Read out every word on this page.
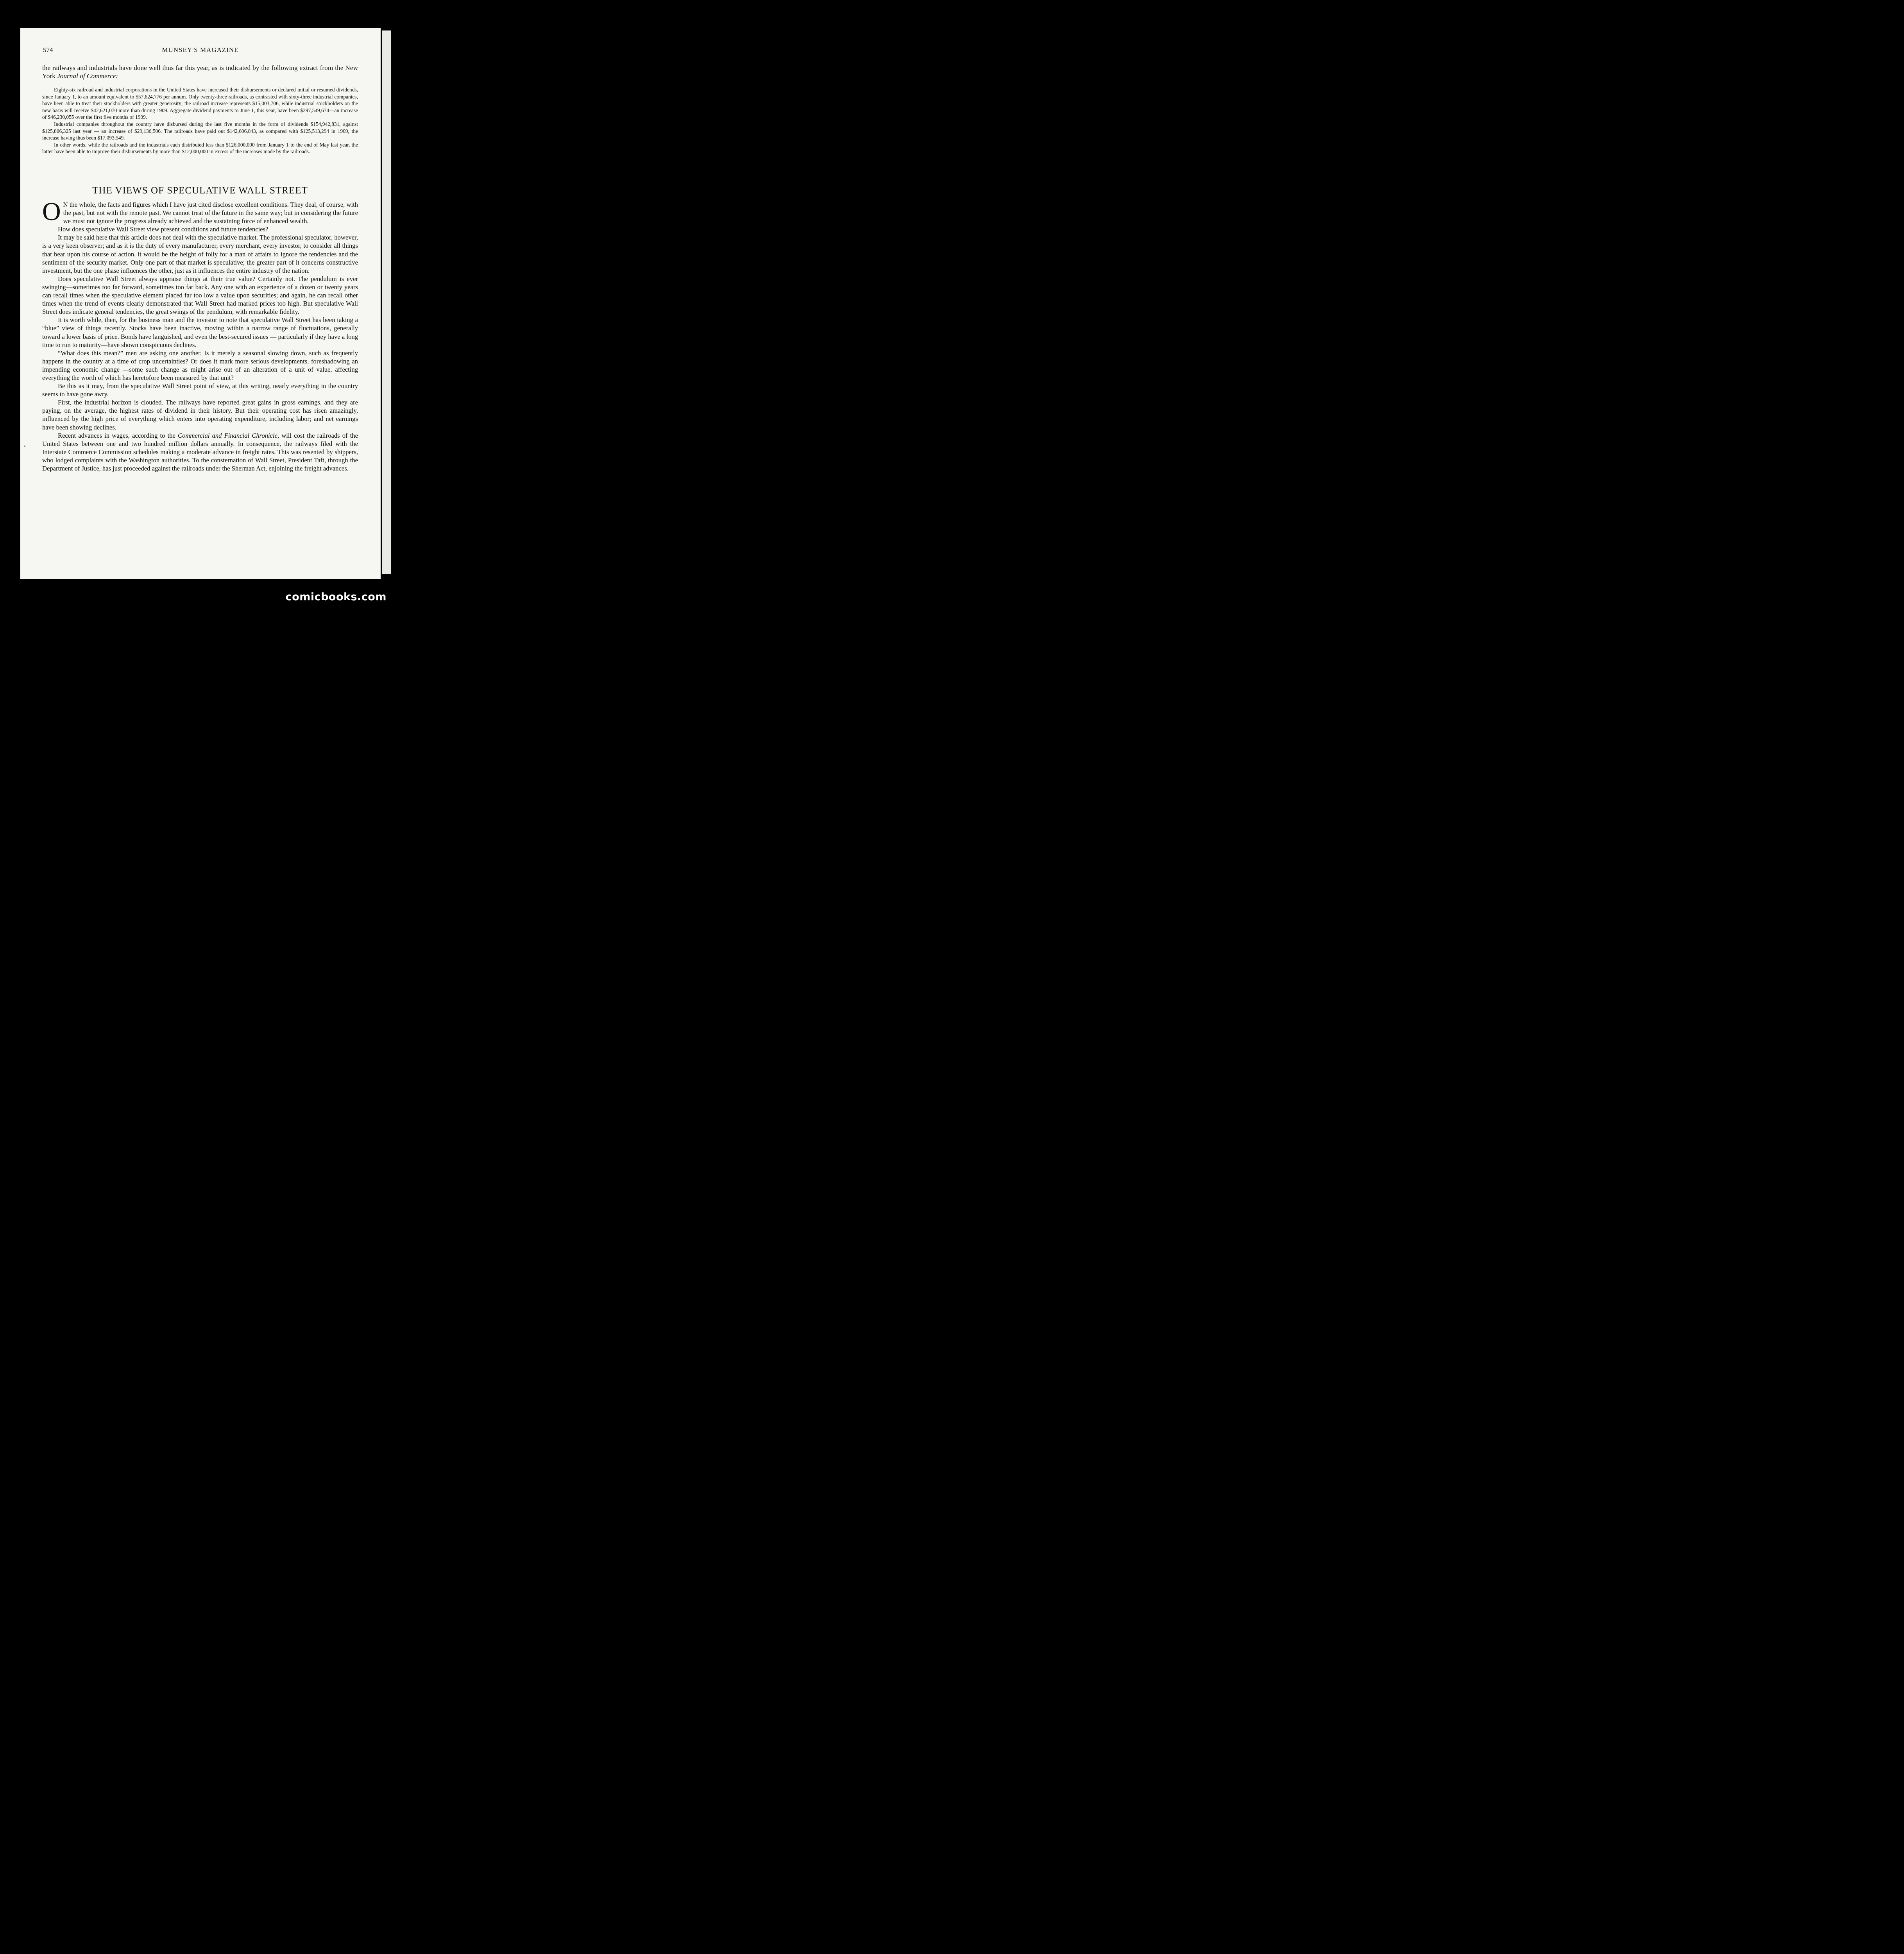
574	MUNSEY'S MAGAZINE

the railways and industrials have done well thus far this year, as is indicated by the following extract from the New York Journal of Commerce:

Eighty-six railroad and industrial corporations in the United States have increased their disbursements or declared initial or resumed dividends, since January 1, to an amount equivalent to $57,624,776 per annum. Only twenty-three railroads, as contrasted with sixty-three industrial companies, have been able to treat their stockholders with greater generosity; the railroad increase represents $15,003,706, while industrial stockholders on the new basis will receive $42,621,070 more than during 1909. Aggregate dividend payments to June 1, this year, have been $297,549,674—an increase of $46,230,055 over the first five months of 1909.

Industrial companies throughout the country have disbursed during the last five months in the form of dividends $154,942,831, against $125,806,325 last year — an increase of $29,136,506. The railroads have paid out $142,606,843, as compared with $125,513,294 in 1909, the increase having thus been $17,093,549.

In other words, while the railroads and the industrials each distributed less than $126,000,000 from January 1 to the end of May last year, the latter have been able to improve their disbursements by more than $12,000,000 in excess of the increases made by the railroads.

THE VIEWS OF SPECULATIVE WALL STREET

O N the whole, the facts and figures which I have just cited disclose excellent conditions. They deal, of course, with the past, but not with the remote past. We cannot treat of the future in the same way; but in considering the future we must not ignore the progress already achieved and the sustaining force of enhanced wealth.

How does speculative Wall Street view present conditions and future tendencies?

It may be said here that this article does not deal with the speculative market. The professional speculator, however, is a very keen observer; and as it is the duty of every manufacturer, every merchant, every investor, to consider all things that bear upon his course of action, it would be the height of folly for a man of affairs to ignore the tendencies and the sentiment of the security market. Only one part of that market is speculative; the greater part of it concerns constructive investment, but the one phase influences the other, just as it influences the entire industry of the nation.

Does speculative Wall Street always appraise things at their true value? Certainly not. The pendulum is ever swinging—sometimes too far forward, sometimes too far back. Any one with an experience of a dozen or twenty years can recall times when the speculative element placed far too low a value upon securities; and again, he can recall other times when the trend of events clearly demonstrated that Wall Street had marked prices too high. But speculative Wall Street does indicate general tendencies, the great swings of the pendulum, with remarkable fidelity.

It is worth while, then, for the business man and the investor to note that speculative Wall Street has been taking a “blue” view of things recently. Stocks have been inactive, moving within a narrow range of fluctuations, generally toward a lower basis of price. Bonds have languished, and even the best-secured issues — particularly if they have a long time to run to maturity—have shown conspicuous declines.

“What does this mean?” men are asking one another. Is it merely a seasonal slowing down, such as frequently happens in the country at a time of crop uncertainties? Or does it mark more serious developments, foreshadowing an impending economic change —some such change as might arise out of an alteration of a unit of value, affecting everything the worth of which has heretofore been measured by that unit?

Be this as it may, from the speculative Wall Street point of view, at this writing, nearly everything in the country seems to have gone awry.

First, the industrial horizon is clouded. The railways have reported great gains in gross earnings, and they are paying, on the average, the highest rates of dividend in their history. But their operating cost has risen amazingly, influenced by the high price of everything which enters into operating expenditure, including labor; and net earnings have been showing declines.

Recent advances in wages, according to the Commercial and Financial Chronicle, will cost the railroads of the United States between one and two hundred million dollars annually. In consequence, the railways filed with the Interstate Commerce Commission schedules making a moderate advance in freight rates. This was resented by shippers, who lodged complaints with the Washington authorities. To the consternation of Wall Street, President Taft, through the Department of Justice, has just proceeded against the railroads under the Sherman Act, enjoining the freight advances.

comicbooks.com
